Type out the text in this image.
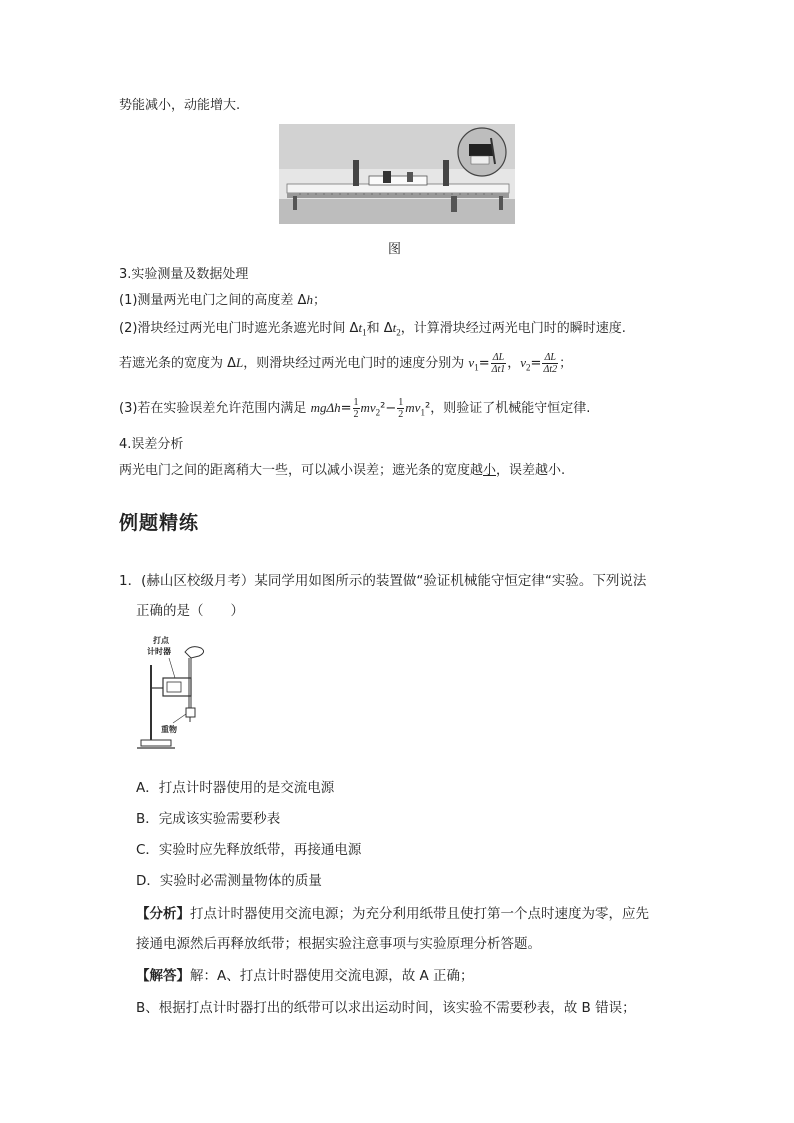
势能减小，动能增大.
图
3.实验测量及数据处理
(1)测量两光电门之间的高度差 Δh；
(2)滑块经过两光电门时遮光条遮光时间 $\Delta t_1$和 $\Delta t_2$，计算滑块经过两光电门时的瞬时速度.
若遮光条的宽度为 ΔL，则滑块经过两光电门时的速度分别为 $v_1= \frac{\Delta L}{\Delta t1}$ ，$v_2= \frac{\Delta L}{\Delta t2}$ ；
(3)若在实验误差允许范围内满足 $mg\Delta h= \frac{1}{2} mv_2^2- \frac{1}{2} mv_1^2$，则验证了机械能守恒定律.
4.误差分析
两光电门之间的距离稍大一些，可以减小误差；遮光条的宽度越小，误差越小.
例题精练
1．(赫山区校级月考）某同学用如图所示的装置做“验证机械能守恒定律“实验。下列说法
正确的是（　　）
打点
计时器
重物
A．打点计时器使用的是交流电源
B．完成该实验需要秒表
C．实验时应先释放纸带，再接通电源
D．实验时必需测量物体的质量
【分析】打点计时器使用交流电源；为充分利用纸带且使打第一个点时速度为零，应先
接通电源然后再释放纸带；根据实验注意事项与实验原理分析答题。
【解答】解：A、打点计时器使用交流电源，故 A 正确；
B、根据打点计时器打出的纸带可以求出运动时间，该实验不需要秒表，故 B 错误；
